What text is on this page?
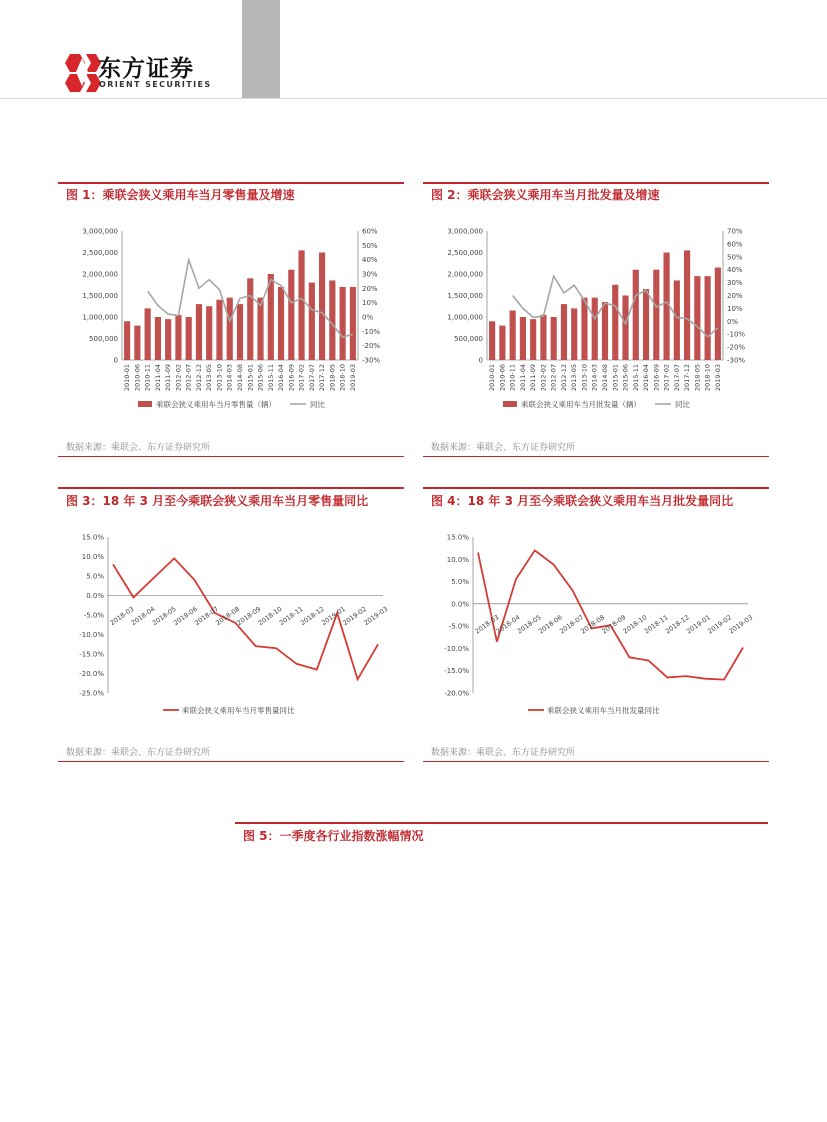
东方证券
ORIENT SECURITIES
图 1：乘联会狭义乘用车当月零售量及增速
0
500,000
1,000,000
1,500,000
2,000,000
2,500,000
3,000,000
-30%
-20%
-10%
0%
10%
20%
30%
40%
50%
60%
2010-01 2010-06 2010-11 2011-04 2011-09 2012-02 2012-07 2012-12 2013-05 2013-10 2014-03 2014-08 2015-01 2015-06 2015-11 2016-04 2016-09 2017-02 2017-07 2017-12 2018-05 2018-10 2019-03
乘联会狭义乘用车当月零售量（辆）	同比
数据来源：乘联会、东方证券研究所
图 2：乘联会狭义乘用车当月批发量及增速
0
500,000
1,000,000
1,500,000
2,000,000
2,500,000
3,000,000
-30%
-20%
-10%
0%
10%
20%
30%
40%
50%
60%
70%
2010-01 2010-06 2010-11 2011-04 2011-09 2012-02 2012-07 2012-12 2013-05 2013-10 2014-03 2014-08 2015-01 2015-06 2015-11 2016-04 2016-09 2017-02 2017-07 2017-12 2018-05 2018-10 2019-03
乘联会狭义乘用车当月批发量（辆）	同比
数据来源：乘联会、东方证券研究所
图 3：18 年 3 月至今乘联会狭义乘用车当月零售量同比
15.0%
10.0%
5.0%
0.0%
-5.0%
-10.0%
-15.0%
-20.0%
-25.0%
2018-03
2018-04
2018-05
2018-06
2018-07
2018-08
2018-09
2018-10
2018-11
2018-12
2019-01
2019-02
2019-03
乘联会狭义乘用车当月零售量同比
数据来源：乘联会、东方证券研究所
图 4：18 年 3 月至今乘联会狭义乘用车当月批发量同比
15.0%
10.0%
5.0%
0.0%
-5.0%
-10.0%
-15.0%
-20.0%
2018-03
2018-04
2018-05
2018-06
2018-07
2018-08
2018-09
2018-10
2018-11
2018-12
2019-01
2019-02
2019-03
乘联会狭义乘用车当月批发量同比
数据来源：乘联会、东方证券研究所
图 5：一季度各行业指数涨幅情况
